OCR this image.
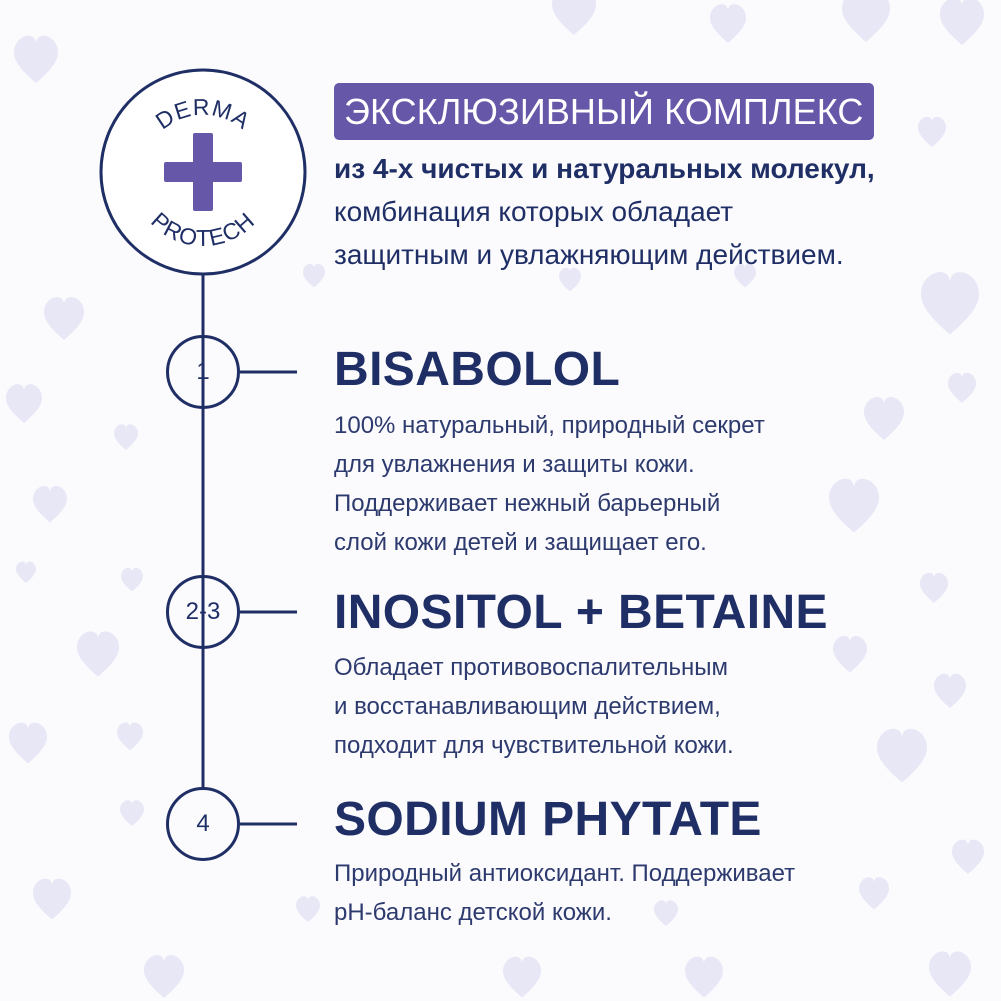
DERMA
PROTECH
ЭКСКЛЮЗИВНЫЙ КОМПЛЕКС
из 4-х чистых и натуральных молекул,
комбинация которых обладает
защитным и увлажняющим действием.
1
2-3
4
BISABOLOL
100% натуральный, природный секрет
для увлажнения и защиты кожи.
Поддерживает нежный барьерный
слой кожи детей и защищает его.
INOSITOL + BETAINE
Обладает противовоспалительным
и восстанавливающим действием,
подходит для чувствительной кожи.
SODIUM PHYTATE
Природный антиоксидант. Поддерживает
pH-баланс детской кожи.
